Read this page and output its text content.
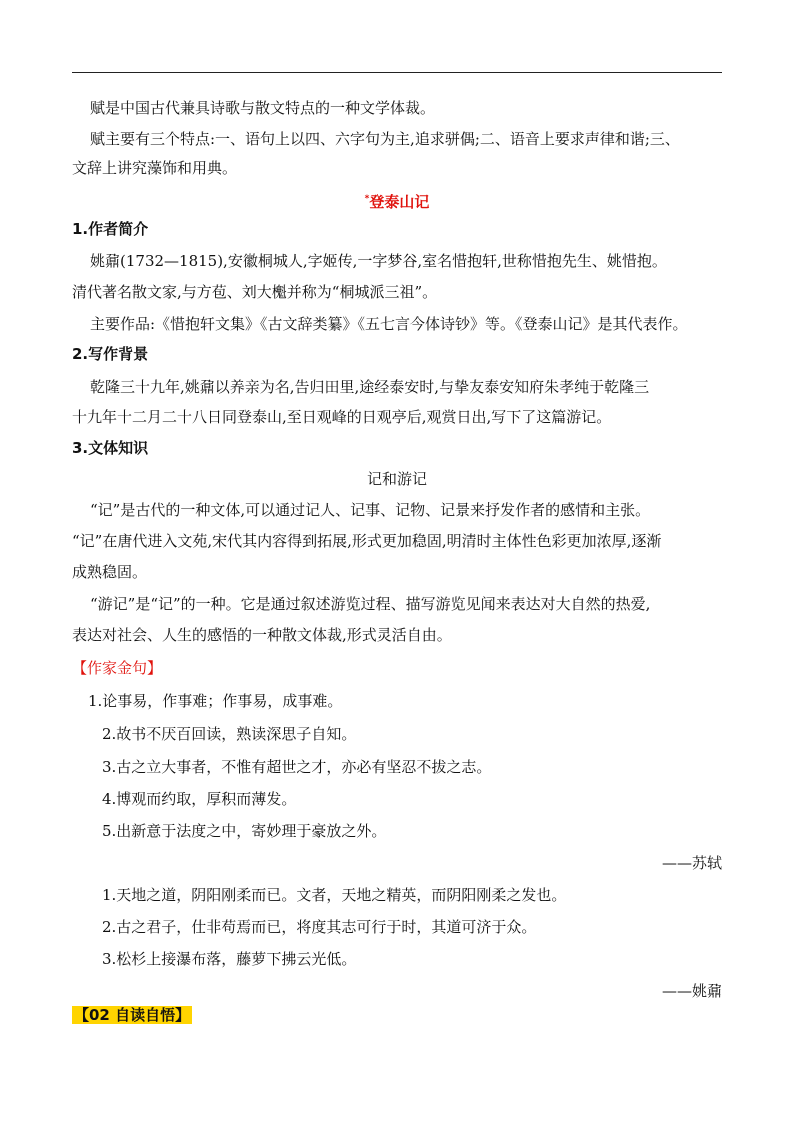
赋是中国古代兼具诗歌与散文特点的一种文学体裁。
赋主要有三个特点:一、语句上以四、六字句为主,追求骈偶;二、语音上要求声律和谐;三、
文辞上讲究藻饰和用典。
*登泰山记
1.作者简介
姚鼐(1732—1815),安徽桐城人,字姬传,一字梦谷,室名惜抱轩,世称惜抱先生、姚惜抱。
清代著名散文家,与方苞、刘大櫆并称为“桐城派三祖”。
主要作品:《惜抱轩文集》《古文辞类纂》《五七言今体诗钞》等。《登泰山记》是其代表作。
2.写作背景
乾隆三十九年,姚鼐以养亲为名,告归田里,途经泰安时,与挚友泰安知府朱孝纯于乾隆三
十九年十二月二十八日同登泰山,至日观峰的日观亭后,观赏日出,写下了这篇游记。
3.文体知识
记和游记
“记”是古代的一种文体,可以通过记人、记事、记物、记景来抒发作者的感情和主张。
“记”在唐代进入文苑,宋代其内容得到拓展,形式更加稳固,明清时主体性色彩更加浓厚,逐渐
成熟稳固。
“游记”是“记”的一种。它是通过叙述游览过程、描写游览见闻来表达对大自然的热爱,
表达对社会、人生的感悟的一种散文体裁,形式灵活自由。
【作家金句】
1.论事易，作事难；作事易，成事难。
2.故书不厌百回读，熟读深思子自知。
3.古之立大事者，不惟有超世之才，亦必有坚忍不拔之志。
4.博观而约取，厚积而薄发。
5.出新意于法度之中，寄妙理于豪放之外。
——苏轼
1.天地之道，阴阳刚柔而已。文者，天地之精英，而阴阳刚柔之发也。
2.古之君子，仕非苟焉而已，将度其志可行于时，其道可济于众。
3.松杉上接瀑布落，藤萝下拂云光低。
——姚鼐
【02 自读自悟】
